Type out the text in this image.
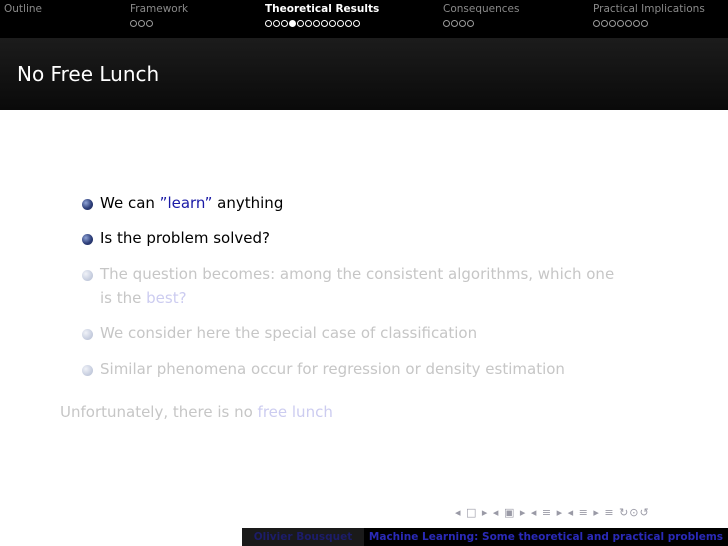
Outline	Framework	Theoretical Results	Consequences	Practical Implications
No Free Lunch
We can ”learn” anything
Is the problem solved?
The question becomes: among the consistent algorithms, which one
is the best?
We consider here the special case of classification
Similar phenomena occur for regression or density estimation
Unfortunately, there is no free lunch
◂ □ ▸ ◂ ▣ ▸ ◂ ≡ ▸ ◂ ≡ ▸ ≡ ↻⊙↺
Olivier Bousquet	Machine Learning: Some theoretical and practical problems
